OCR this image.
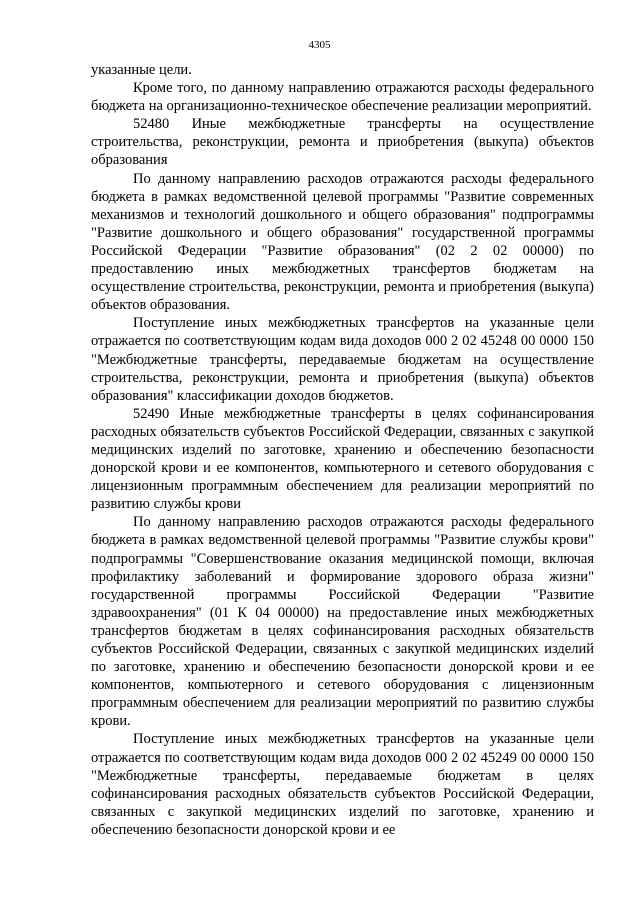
4305

указанные цели.

Кроме того, по данному направлению отражаются расходы федерального бюджета на организационно-техническое обеспечение реализации мероприятий.

52480 Иные межбюджетные трансферты на осуществление строительства, реконструкции, ремонта и приобретения (выкупа) объектов образования

По данному направлению расходов отражаются расходы федерального бюджета в рамках ведомственной целевой программы "Развитие современных механизмов и технологий дошкольного и общего образования" подпрограммы "Развитие дошкольного и общего образования" государственной программы Российской Федерации "Развитие образования" (02 2 02 00000) по предоставлению иных межбюджетных трансфертов бюджетам на осуществление строительства, реконструкции, ремонта и приобретения (выкупа) объектов образования.

Поступление иных межбюджетных трансфертов на указанные цели отражается по соответствующим кодам вида доходов 000 2 02 45248 00 0000 150 "Межбюджетные трансферты, передаваемые бюджетам на осуществление строительства, реконструкции, ремонта и приобретения (выкупа) объектов образования" классификации доходов бюджетов.

52490 Иные межбюджетные трансферты в целях софинансирования расходных обязательств субъектов Российской Федерации, связанных с закупкой медицинских изделий по заготовке, хранению и обеспечению безопасности донорской крови и ее компонентов, компьютерного и сетевого оборудования с лицензионным программным обеспечением для реализации мероприятий по развитию службы крови

По данному направлению расходов отражаются расходы федерального бюджета в рамках ведомственной целевой программы "Развитие службы крови" подпрограммы "Совершенствование оказания медицинской помощи, включая профилактику заболеваний и формирование здорового образа жизни" государственной программы Российской Федерации "Развитие здравоохранения" (01 К 04 00000) на предоставление иных межбюджетных трансфертов бюджетам в целях софинансирования расходных обязательств субъектов Российской Федерации, связанных с закупкой медицинских изделий по заготовке, хранению и обеспечению безопасности донорской крови и ее компонентов, компьютерного и сетевого оборудования с лицензионным программным обеспечением для реализации мероприятий по развитию службы крови.

Поступление иных межбюджетных трансфертов на указанные цели отражается по соответствующим кодам вида доходов 000 2 02 45249 00 0000 150 "Межбюджетные трансферты, передаваемые бюджетам в целях софинансирования расходных обязательств субъектов Российской Федерации, связанных с закупкой медицинских изделий по заготовке, хранению и обеспечению безопасности донорской крови и ее
